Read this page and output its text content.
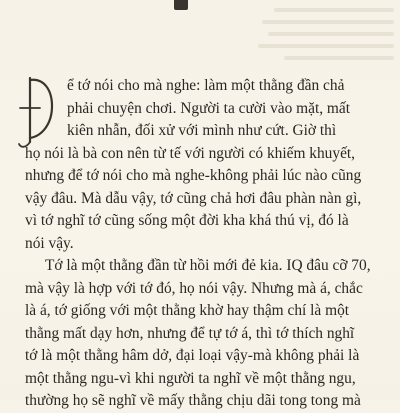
ể tớ nói cho mà nghe: làm một thằng đần chả
phải chuyện chơi. Người ta cười vào mặt, mất
kiên nhẫn, đối xử với mình như cứt. Giờ thì
họ nói là bà con nên từ tế với người có khiếm khuyết,
nhưng để tớ nói cho mà nghe-không phải lúc nào cũng
vậy đâu. Mà dẫu vậy, tớ cũng chả hơi đâu phàn nàn gì,
vì tớ nghĩ tớ cũng sống một đời kha khá thú vị, đó là
nói vậy.

Tớ là một thằng đần từ hồi mới đẻ kia. IQ đâu cỡ 70,
mà vậy là hợp với tớ đó, họ nói vậy. Nhưng mà á, chắc
là á, tớ giống với một thằng khờ hay thậm chí là một
thằng mất dạy hơn, nhưng để tự tớ á, thì tớ thích nghĩ
tớ là một thằng hâm dở, đại loại vậy-mà không phải là
một thằng ngu-vì khi người ta nghĩ về một thằng ngu,
thường họ sẽ nghĩ về mấy thằng chịu dãi tong tong mà
